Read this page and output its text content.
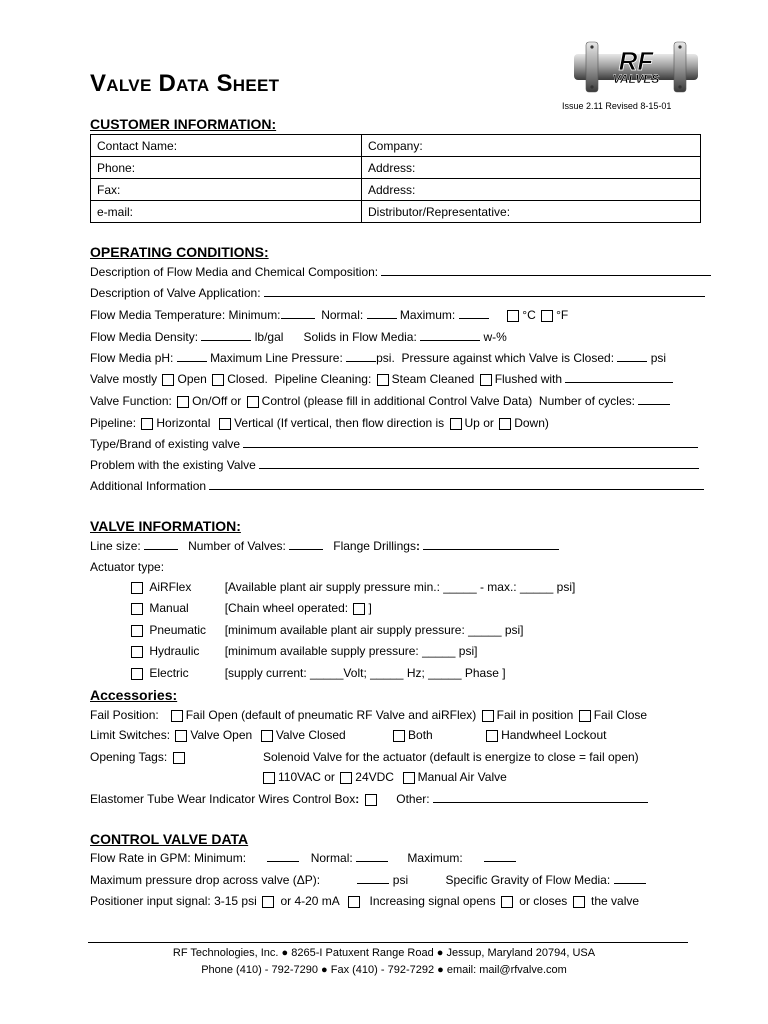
Valve Data Sheet
RF
VALVES
Issue 2.11 Revised 8-15-01
CUSTOMER INFORMATION:
Contact Name:	Company:
Phone:	Address:
Fax:	Address:
e-mail:	Distributor/Representative:
OPERATING CONDITIONS:
Description of Flow Media and Chemical Composition:
Description of Valve Application:
Flow Media Temperature: Minimum:	Normal:	Maximum:	°C °F
Flow Media Density:	lb/gal Solids in Flow Media:	w-%
Flow Media pH:	Maximum Line Pressure:	psi. Pressure against which Valve is Closed:	psi
Valve mostly Open Closed. Pipeline Cleaning: Steam Cleaned Flushed with
Valve Function: On/Off or Control (please fill in additional Control Valve Data) Number of cycles:
Pipeline: Horizontal Vertical (If vertical, then flow direction is Up or Down)
Type/Brand of existing valve
Problem with the existing Valve
Additional Information
VALVE INFORMATION:
Line size:	Number of Valves:	Flange Drillings:
Actuator type:
AiRFlex	[Available plant air supply pressure min.: _____ - max.: _____ psi]
Manual	[Chain wheel operated: ]
Pneumatic [minimum available plant air supply pressure: _____ psi]
Hydraulic [minimum available supply pressure: _____ psi]
Electric	[supply current: _____Volt; _____ Hz; _____ Phase ]
Accessories:
Fail Position: Fail Open (default of pneumatic RF Valve and aiRFlex) Fail in position Fail Close
Limit Switches: Valve Open Valve Closed	Both	Handwheel Lockout
Opening Tags:	Solenoid Valve for the actuator (default is energize to close = fail open)
110VAC or 24VDC Manual Air Valve
Elastomer Tube Wear Indicator Wires Control Box:	Other:
CONTROL VALVE DATA
Flow Rate in GPM: Minimum:	Normal:	Maximum:
Maximum pressure drop across valve (ΔP):	psi	Specific Gravity of Flow Media:
Positioner input signal: 3-15 psi or 4-20 mA	Increasing signal opens or closes the valve
RF Technologies, Inc. ● 8265-I Patuxent Range Road ● Jessup, Maryland 20794, USA
Phone (410) - 792-7290 ● Fax (410) - 792-7292 ● email: mail@rfvalve.com
